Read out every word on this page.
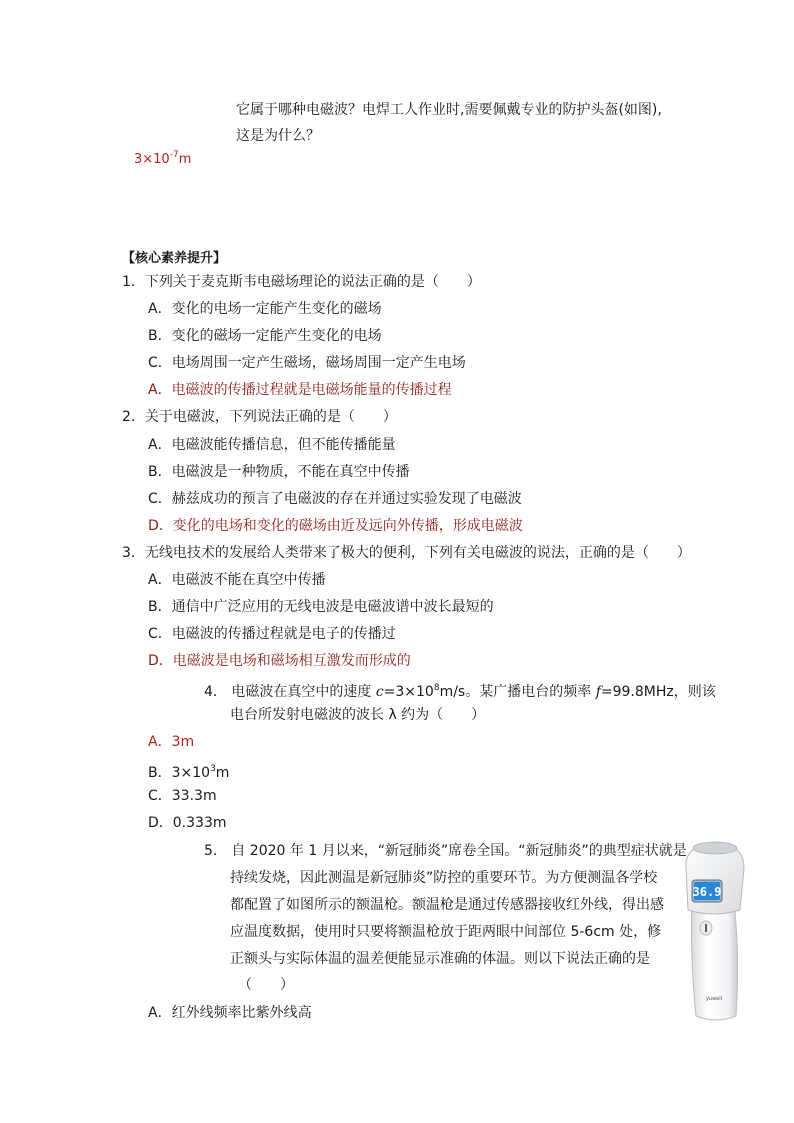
它属于哪种电磁波？电焊工人作业时,需要佩戴专业的防护头盔(如图),
这是为什么？
$3\times 10^{-7}m$
【核心素养提升】
1．下列关于麦克斯韦电磁场理论的说法正确的是（　　）
A．变化的电场一定能产生变化的磁场
B．变化的磁场一定能产生变化的电场
C．电场周围一定产生磁场，磁场周围一定产生电场
A．电磁波的传播过程就是电磁场能量的传播过程
2．关于电磁波，下列说法正确的是（　　）
A．电磁波能传播信息，但不能传播能量
B．电磁波是一种物质，不能在真空中传播
C．赫兹成功的预言了电磁波的存在并通过实验发现了电磁波
D．变化的电场和变化的磁场由近及远向外传播，形成电磁波
3．无线电技术的发展给人类带来了极大的便利，下列有关电磁波的说法，正确的是（　　）
A．电磁波不能在真空中传播
B．通信中广泛应用的无线电波是电磁波谱中波长最短的
C．电磁波的传播过程就是电子的传播过
D．电磁波是电场和磁场相互激发而形成的
4． 电磁波在真空中的速度 $c=3\times 10^8m/s$。某广播电台的频率 f=99.8MHz，则该
电台所发射电磁波的波长 λ 约为（　　）
A．3m
B．$3\times 10^3m$
C．33.3m
D．0.333m
5.　自 2020 年 1 月以来，“新冠肺炎”席卷全国。“新冠肺炎”的典型症状就是
持续发烧，因此测温是新冠肺炎”防控的重要环节。为方便测温各学校
都配置了如图所示的额温枪。额温枪是通过传感器接收红外线，得出感
应温度数据，使用时只要将额温枪放于距两眼中间部位 5-6cm 处，修
正额头与实际体温的温差便能显示准确的体温。则以下说法正确的是
（　　）
A．红外线频率比紫外线高
36.9
yuwell
